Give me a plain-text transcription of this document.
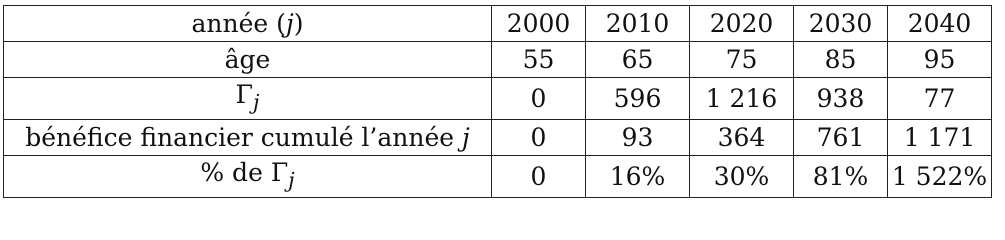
année (j)	2000	2010	2020	2030	2040
âge	55	65	75	85	95
$\Gamma_j$	0	596	1 216	938	77
bénéfice financier cumulé l’année j	0	93	364	761	1 171
% de $\Gamma_j$	0	16%	30%	81%	1 522%
